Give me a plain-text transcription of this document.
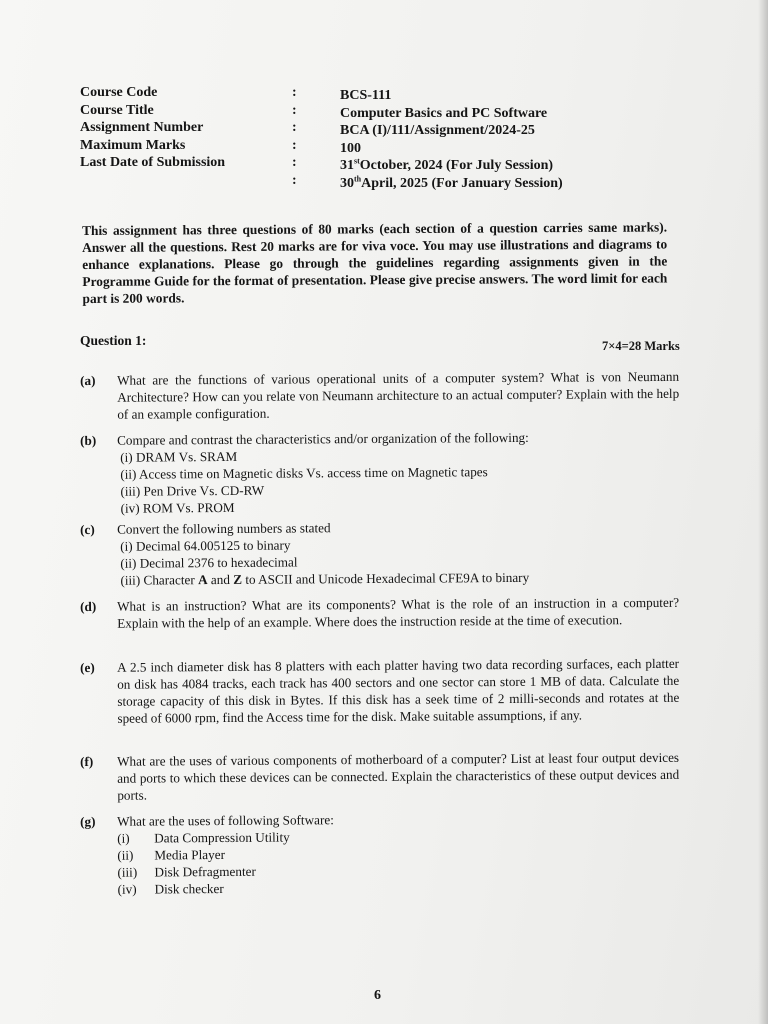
Course Code	:	BCS-111
Course Title	:	Computer Basics and PC Software
Assignment Number	:	BCA (I)/111/Assignment/2024-25
Maximum Marks	:	100
Last Date of Submission	:	31stOctober, 2024 (For July Session)
:	30thApril, 2025 (For January Session)
This assignment has three questions of 80 marks (each section of a question carries same marks). Answer all the questions. Rest 20 marks are for viva voce. You may use illustrations and diagrams to enhance explanations. Please go through the guidelines regarding assignments given in the Programme Guide for the format of presentation. Please give precise answers. The word limit for each part is 200 words.
Question 1:	7×4=28 Marks
(a) What are the functions of various operational units of a computer system? What is von Neumann Architecture? How can you relate von Neumann architecture to an actual computer? Explain with the help of an example configuration.
(b) Compare and contrast the characteristics and/or organization of the following:
(i) DRAM Vs. SRAM
(ii) Access time on Magnetic disks Vs. access time on Magnetic tapes
(iii) Pen Drive Vs. CD-RW
(iv) ROM Vs. PROM
(c) Convert the following numbers as stated
(i) Decimal 64.005125 to binary
(ii) Decimal 2376 to hexadecimal
(iii) Character A and Z to ASCII and Unicode Hexadecimal CFE9A to binary
(d) What is an instruction? What are its components? What is the role of an instruction in a computer? Explain with the help of an example. Where does the instruction reside at the time of execution.
(e) A 2.5 inch diameter disk has 8 platters with each platter having two data recording surfaces, each platter on disk has 4084 tracks, each track has 400 sectors and one sector can store 1 MB of data. Calculate the storage capacity of this disk in Bytes. If this disk has a seek time of 2 milli-seconds and rotates at the speed of 6000 rpm, find the Access time for the disk. Make suitable assumptions, if any.
(f) What are the uses of various components of motherboard of a computer? List at least four output devices and ports to which these devices can be connected. Explain the characteristics of these output devices and ports.
(g) What are the uses of following Software:
(i) Data Compression Utility
(ii) Media Player
(iii) Disk Defragmenter
(iv) Disk checker
6
